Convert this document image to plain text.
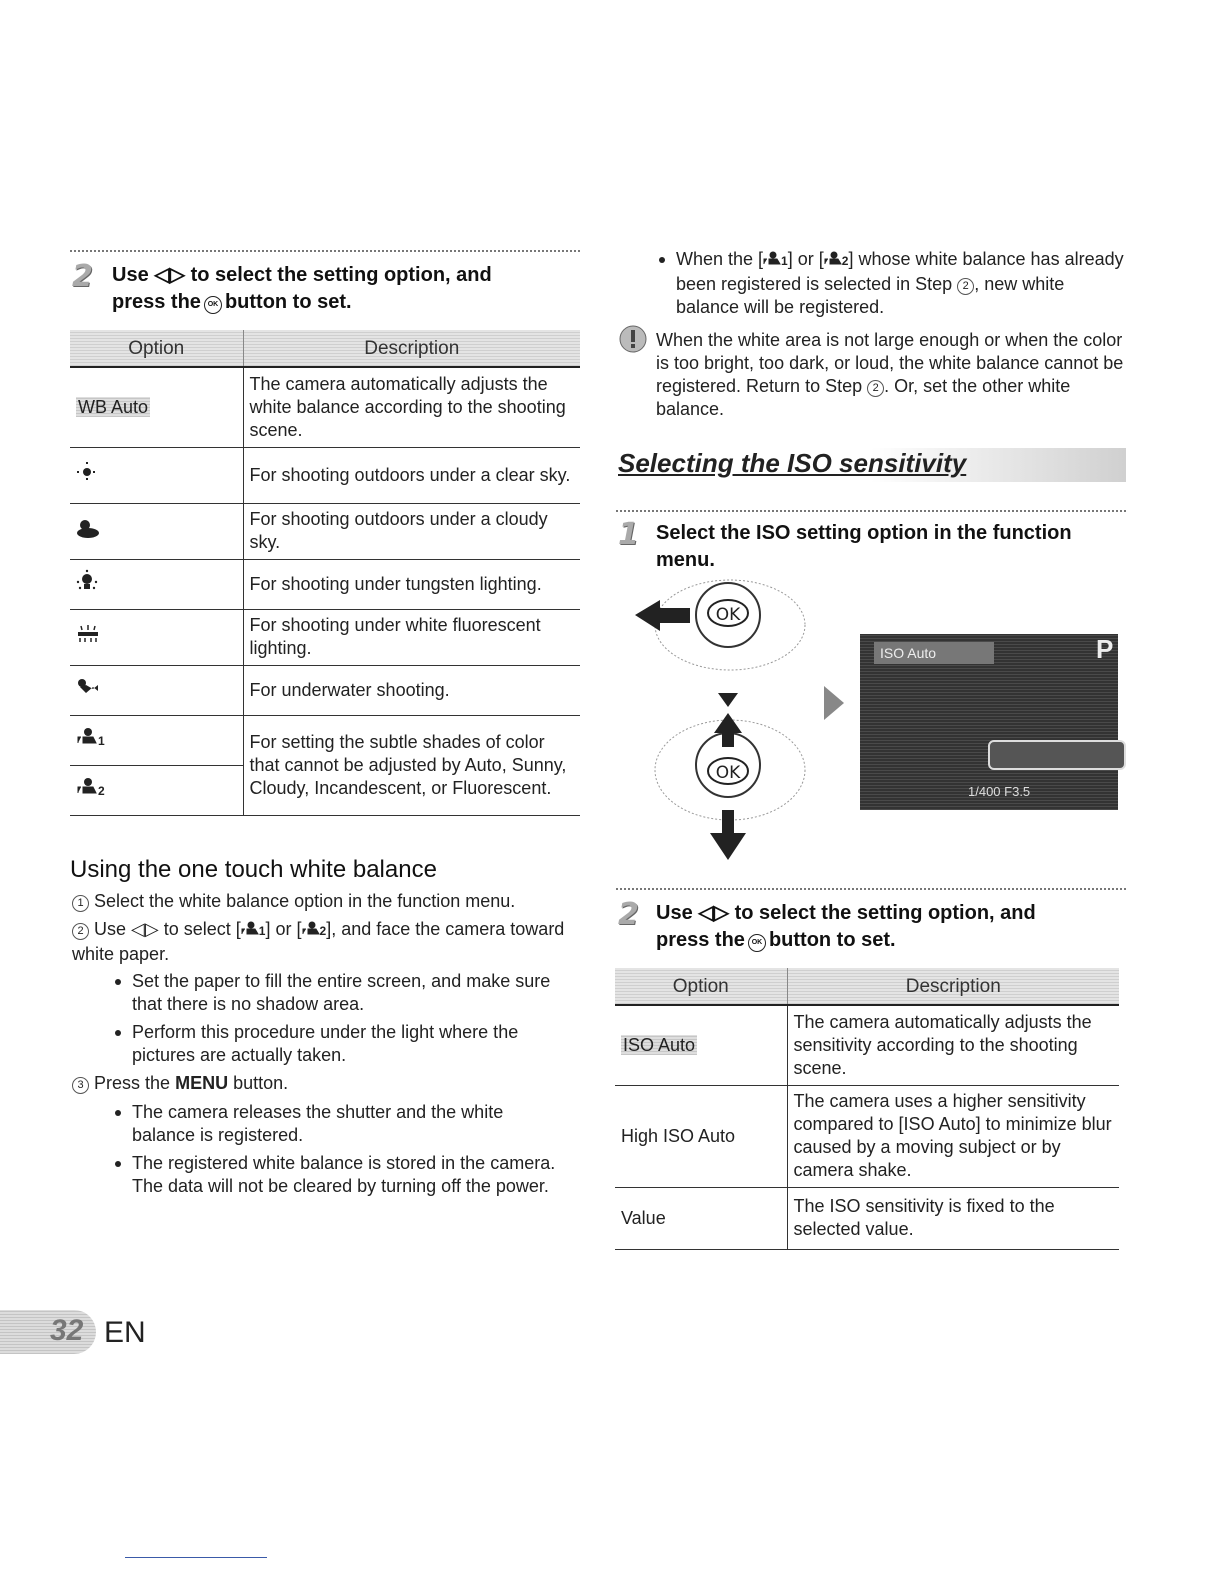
2 Use ◁▷ to select the setting option, and
press the OK button to set.
Option	Description
WB Auto	The camera automatically adjusts the white balance according to the shooting scene.
	For shooting outdoors under a clear sky.
	For shooting outdoors under a cloudy sky.
	For shooting under tungsten lighting.
	For shooting under white fluorescent lighting.
	For underwater shooting.
1	For setting the subtle shades of color that cannot be adjusted by Auto, Sunny, Cloudy, Incandescent, or Fluorescent.
2	
Using the one touch white balance
1 Select the white balance option in the function menu.
2 Use ◁▷ to select [ 1] or [ 2], and face the camera toward white paper.
Set the paper to fill the entire screen, and make sure that there is no shadow area.
Perform this procedure under the light where the pictures are actually taken.
3 Press the MENU button.
The camera releases the shutter and the white balance is registered.
The registered white balance is stored in the camera. The data will not be cleared by turning off the power.
32 EN
When the [ 1] or [ 2] whose white balance has already been registered is selected in Step 2 , new white balance will be registered.
When the white area is not large enough or when the color is too bright, too dark, or loud, the white balance cannot be registered. Return to Step 2 . Or, set the other white balance.
Selecting the ISO sensitivity
1 Select the ISO setting option in the function
menu.
OK
OK
ISO Auto	P
1/400 F3.5
2 Use ◁▷ to select the setting option, and
press the OK button to set.
Option	Description
ISO Auto	The camera automatically adjusts the sensitivity according to the shooting scene.
High ISO Auto	The camera uses a higher sensitivity compared to [ISO Auto] to minimize blur caused by a moving subject or by camera shake.
Value	The ISO sensitivity is fixed to the selected value.
